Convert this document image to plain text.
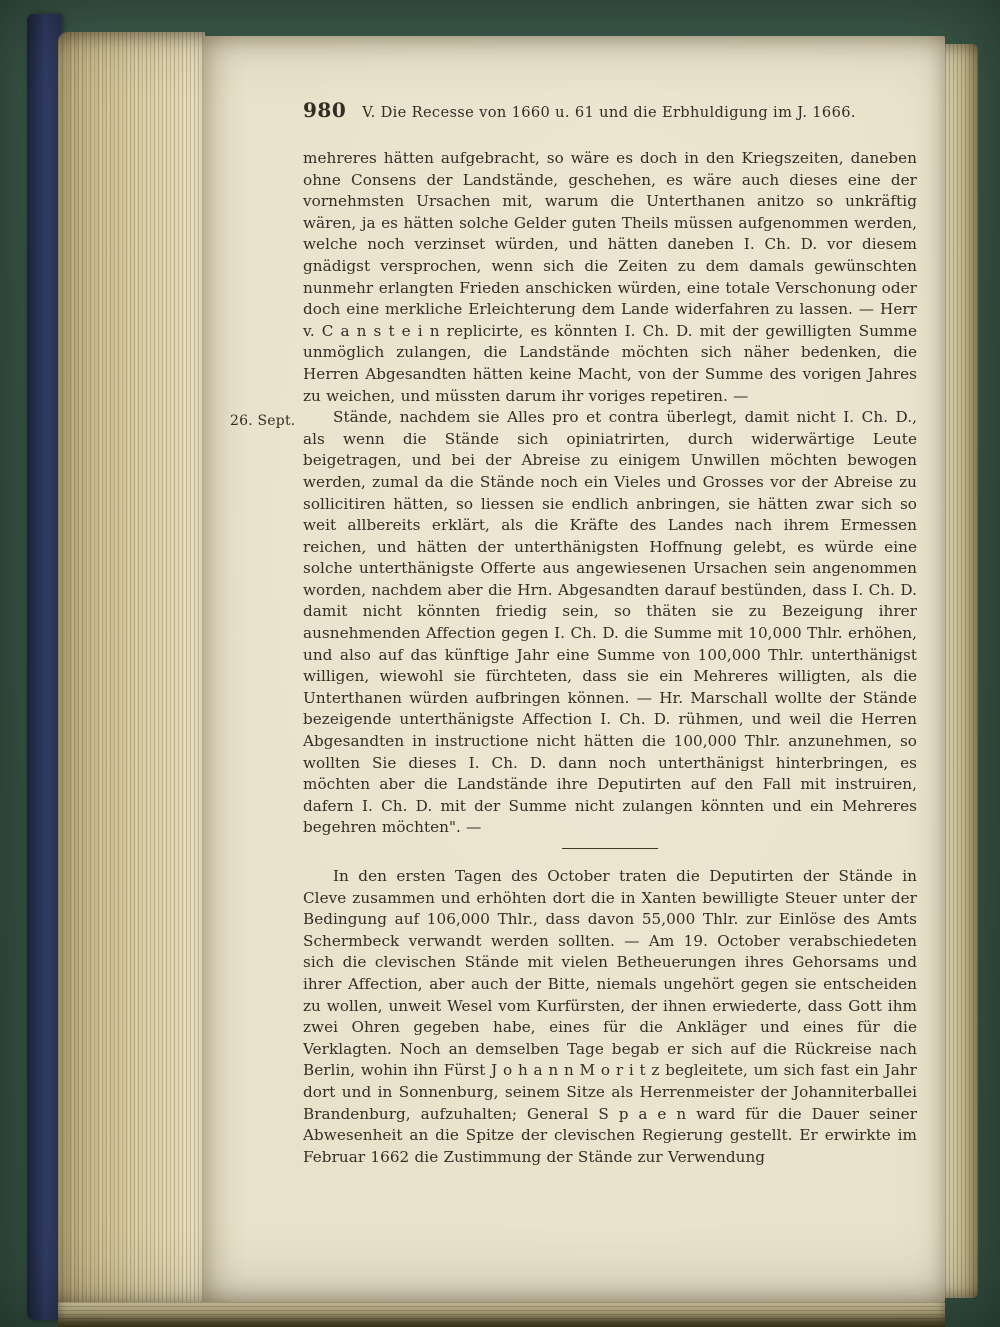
980 V. Die Recesse von 1660 u. 61 und die Erbhuldigung im J. 1666.
26. Sept.

mehreres hätten aufgebracht, so wäre es doch in den Kriegszeiten, daneben ohne Consens der Landstände, geschehen, es wäre auch dieses eine der vornehmsten Ursachen mit, warum die Unterthanen anitzo so unkräftig wären, ja es hätten solche Gelder guten Theils müssen aufgenommen werden, welche noch verzinset würden, und hätten daneben I. Ch. D. vor diesem gnädigst versprochen, wenn sich die Zeiten zu dem damals gewünschten nunmehr erlangten Frieden anschicken würden, eine totale Verschonung oder doch eine merkliche Erleichterung dem Lande widerfahren zu lassen. — Herr v. C a n s t e i n replicirte, es könnten I. Ch. D. mit der gewilligten Summe unmöglich zulangen, die Landstände möchten sich näher bedenken, die Herren Abgesandten hätten keine Macht, von der Summe des vorigen Jahres zu weichen, und müssten darum ihr voriges repetiren. —

Stände, nachdem sie Alles pro et contra überlegt, damit nicht I. Ch. D., als wenn die Stände sich opiniatrirten, durch widerwärtige Leute beigetragen, und bei der Abreise zu einigem Unwillen möchten bewogen werden, zumal da die Stände noch ein Vieles und Grosses vor der Abreise zu sollicitiren hätten, so liessen sie endlich anbringen, sie hätten zwar sich so weit allbereits erklärt, als die Kräfte des Landes nach ihrem Ermessen reichen, und hätten der unterthänigsten Hoffnung gelebt, es würde eine solche unterthänigste Offerte aus angewiesenen Ursachen sein angenommen worden, nachdem aber die Hrn. Abgesandten darauf bestünden, dass I. Ch. D. damit nicht könnten friedig sein, so thäten sie zu Bezeigung ihrer ausnehmenden Affection gegen I. Ch. D. die Summe mit 10,000 Thlr. erhöhen, und also auf das künftige Jahr eine Summe von 100,000 Thlr. unterthänigst willigen, wiewohl sie fürchteten, dass sie ein Mehreres willigten, als die Unterthanen würden aufbringen können. — Hr. Marschall wollte der Stände bezeigende unterthänigste Affection I. Ch. D. rühmen, und weil die Herren Abgesandten in instructione nicht hätten die 100,000 Thlr. anzunehmen, so wollten Sie dieses I. Ch. D. dann noch unterthänigst hinterbringen, es möchten aber die Landstände ihre Deputirten auf den Fall mit instruiren, dafern I. Ch. D. mit der Summe nicht zulangen könnten und ein Mehreres begehren möchten". —

In den ersten Tagen des October traten die Deputirten der Stände in Cleve zusammen und erhöhten dort die in Xanten bewilligte Steuer unter der Bedingung auf 106,000 Thlr., dass davon 55,000 Thlr. zur Einlöse des Amts Schermbeck verwandt werden sollten. — Am 19. October verabschiedeten sich die clevischen Stände mit vielen Betheuerungen ihres Gehorsams und ihrer Affection, aber auch der Bitte, niemals ungehört gegen sie entscheiden zu wollen, unweit Wesel vom Kurfürsten, der ihnen erwiederte, dass Gott ihm zwei Ohren gegeben habe, eines für die Ankläger und eines für die Verklagten. Noch an demselben Tage begab er sich auf die Rückreise nach Berlin, wohin ihn Fürst J o h a n n M o r i t z begleitete, um sich fast ein Jahr dort und in Sonnenburg, seinem Sitze als Herrenmeister der Johanniterballei Brandenburg, aufzuhalten; General S p a e n ward für die Dauer seiner Abwesenheit an die Spitze der clevischen Regierung gestellt. Er erwirkte im Februar 1662 die Zustimmung der Stände zur Verwendung
